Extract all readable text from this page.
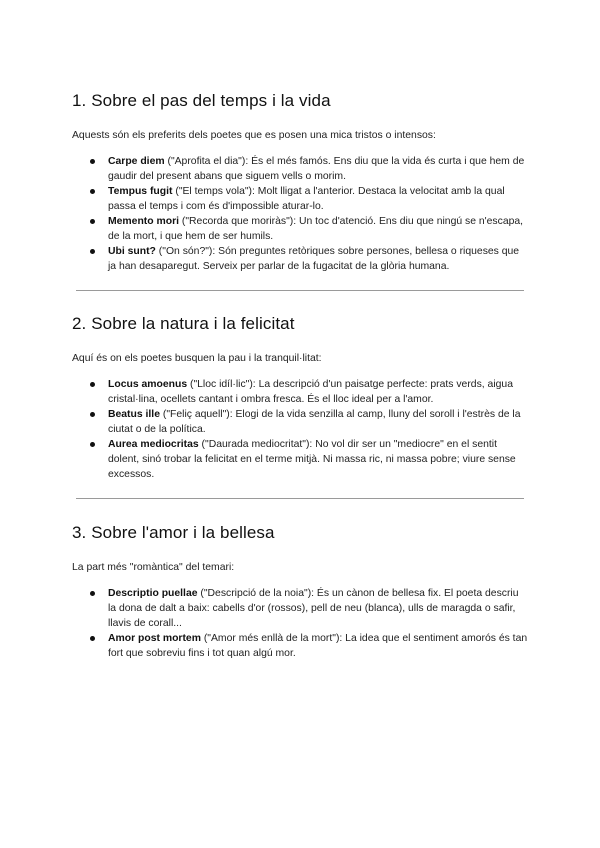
1. Sobre el pas del temps i la vida

Aquests són els preferits dels poetes que es posen una mica tristos o intensos:

Carpe diem ("Aprofita el dia"): És el més famós. Ens diu que la vida és curta i que hem de gaudir del present abans que siguem vells o morim.
Tempus fugit ("El temps vola"): Molt lligat a l'anterior. Destaca la velocitat amb la qual passa el temps i com és d'impossible aturar-lo.
Memento mori ("Recorda que moriràs"): Un toc d'atenció. Ens diu que ningú se n'escapa, de la mort, i que hem de ser humils.
Ubi sunt? ("On són?"): Són preguntes retòriques sobre persones, bellesa o riqueses que ja han desaparegut. Serveix per parlar de la fugacitat de la glòria humana.
2. Sobre la natura i la felicitat

Aquí és on els poetes busquen la pau i la tranquil·litat:

Locus amoenus ("Lloc idíl·lic"): La descripció d'un paisatge perfecte: prats verds, aigua cristal·lina, ocellets cantant i ombra fresca. És el lloc ideal per a l'amor.
Beatus ille ("Feliç aquell"): Elogi de la vida senzilla al camp, lluny del soroll i l'estrès de la ciutat o de la política.
Aurea mediocritas ("Daurada mediocritat"): No vol dir ser un "mediocre" en el sentit dolent, sinó trobar la felicitat en el terme mitjà. Ni massa ric, ni massa pobre; viure sense excessos.
3. Sobre l'amor i la bellesa

La part més "romàntica" del temari:

Descriptio puellae ("Descripció de la noia"): És un cànon de bellesa fix. El poeta descriu la dona de dalt a baix: cabells d'or (rossos), pell de neu (blanca), ulls de maragda o safir, llavis de corall...
Amor post mortem ("Amor més enllà de la mort"): La idea que el sentiment amorós és tan fort que sobreviu fins i tot quan algú mor.
